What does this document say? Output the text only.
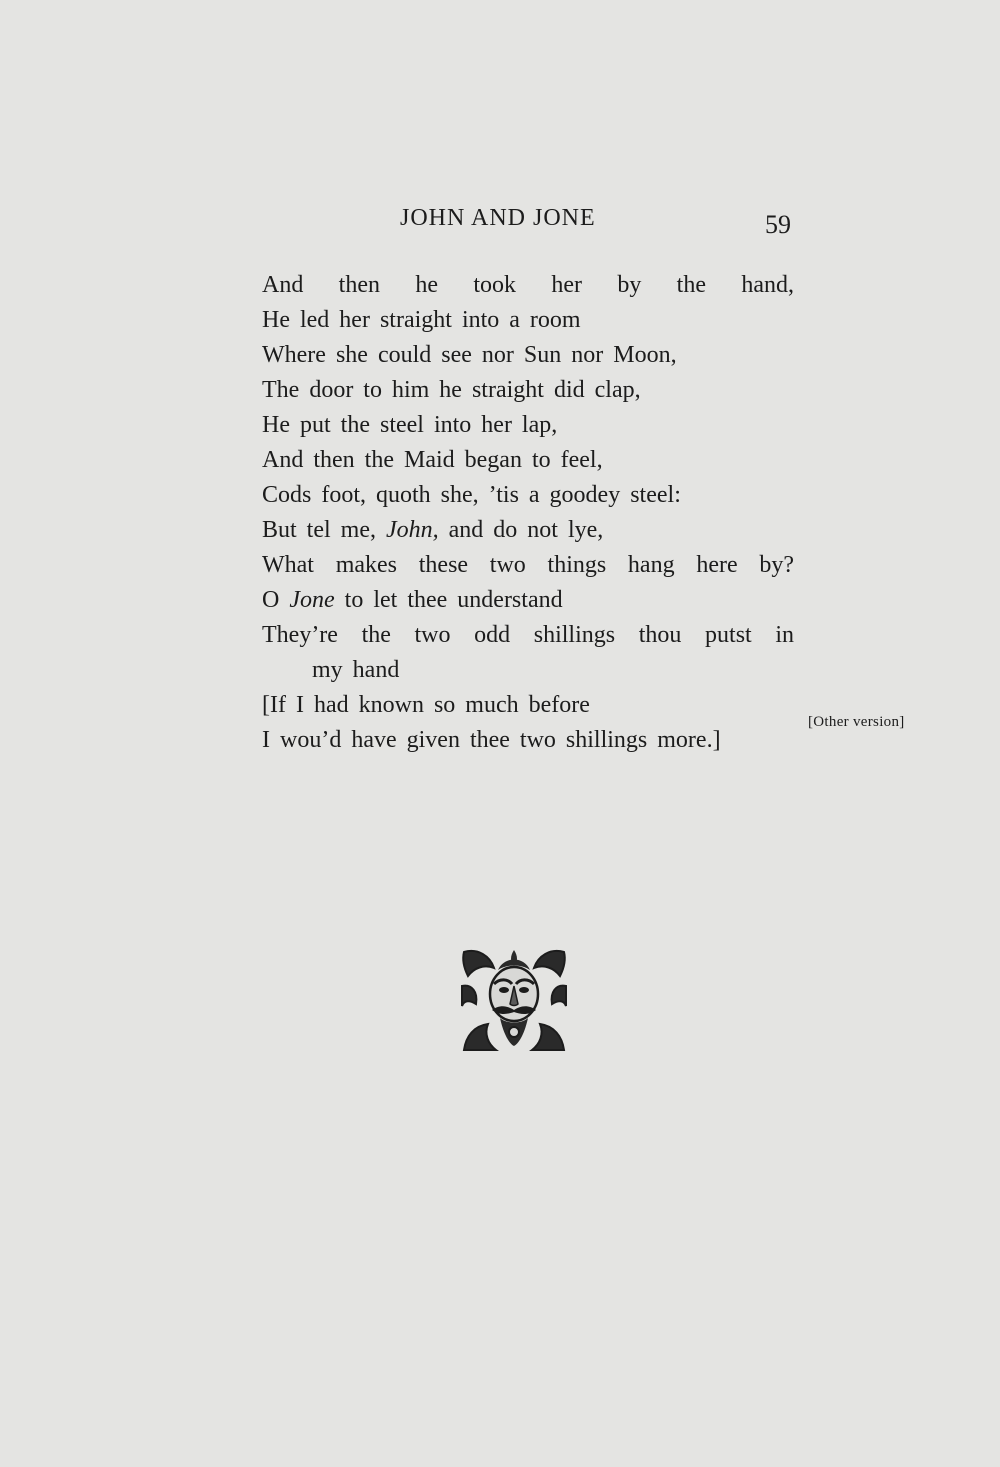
JOHN AND JONE	59
And then he took her by the hand,
He led her straight into a room
Where she could see nor Sun nor Moon,
The door to him he straight did clap,
He put the steel into her lap,
And then the Maid began to feel,
Cods foot, quoth she, ’tis a goodey steel:
But tel me, John, and do not lye,
What makes these two things hang here by?
O Jone to let thee understand
They’re the two odd shillings thou putst in
my hand
[If I had known so much before
I wou’d have given thee two shillings more.]
[Other version]
